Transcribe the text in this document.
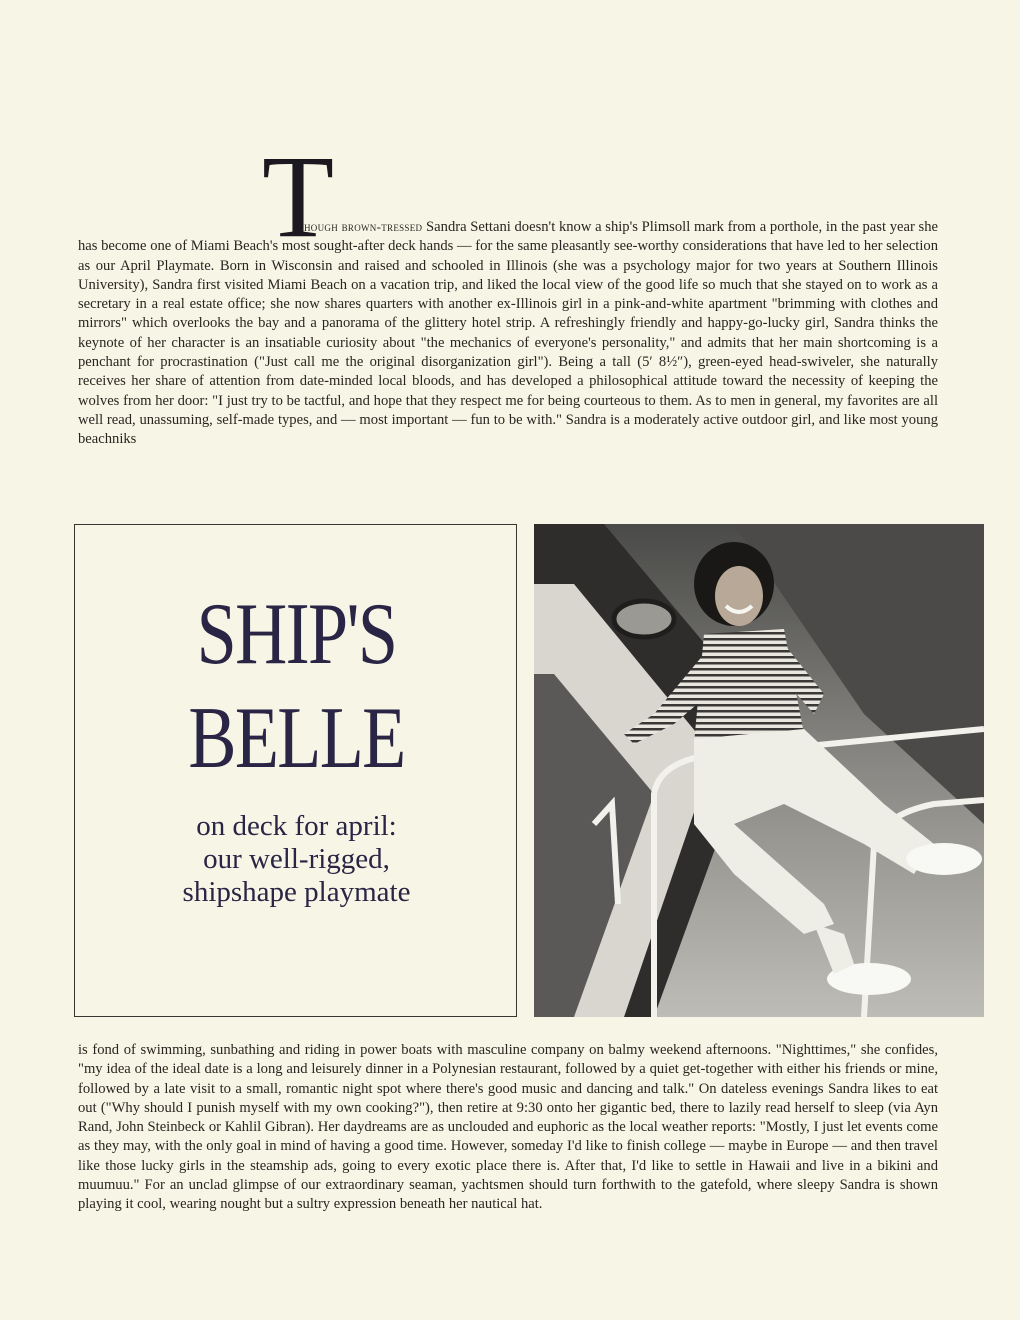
T

hough brown-tressed Sandra Settani doesn't know a ship's Plimsoll mark from a porthole, in the past year she has become one of Miami Beach's most sought-after deck hands — for the same pleasantly see-worthy considerations that have led to her selection as our April Playmate. Born in Wisconsin and raised and schooled in Illinois (she was a psychology major for two years at Southern Illinois University), Sandra first visited Miami Beach on a vacation trip, and liked the local view of the good life so much that she stayed on to work as a secretary in a real estate office; she now shares quarters with another ex-Illinois girl in a pink-and-white apartment "brimming with clothes and mirrors" which overlooks the bay and a panorama of the glittery hotel strip. A refreshingly friendly and happy-go-lucky girl, Sandra thinks the keynote of her character is an insatiable curiosity about "the mechanics of everyone's personality," and admits that her main shortcoming is a penchant for procrastination ("Just call me the original disorganization girl"). Being a tall (5′ 8½″), green-eyed head-swiveler, she naturally receives her share of attention from date-minded local bloods, and has developed a philosophical attitude toward the necessity of keeping the wolves from her door: "I just try to be tactful, and hope that they respect me for being courteous to them. As to men in general, my favorites are all well read, unassuming, self-made types, and — most important — fun to be with." Sandra is a moderately active outdoor girl, and like most young beachniks

SHIP'S
BELLE
on deck for april:
our well-rigged,
shipshape playmate

is fond of swimming, sunbathing and riding in power boats with masculine company on balmy weekend afternoons. "Nighttimes," she confides, "my idea of the ideal date is a long and leisurely dinner in a Polynesian restaurant, followed by a quiet get-together with either his friends or mine, followed by a late visit to a small, romantic night spot where there's good music and dancing and talk." On dateless evenings Sandra likes to eat out ("Why should I punish myself with my own cooking?"), then retire at 9:30 onto her gigantic bed, there to lazily read herself to sleep (via Ayn Rand, John Steinbeck or Kahlil Gibran). Her daydreams are as unclouded and euphoric as the local weather reports: "Mostly, I just let events come as they may, with the only goal in mind of having a good time. However, someday I'd like to finish college — maybe in Europe — and then travel like those lucky girls in the steamship ads, going to every exotic place there is. After that, I'd like to settle in Hawaii and live in a bikini and muumuu." For an unclad glimpse of our extraordinary seaman, yachtsmen should turn forthwith to the gatefold, where sleepy Sandra is shown playing it cool, wearing nought but a sultry expression beneath her nautical hat.
